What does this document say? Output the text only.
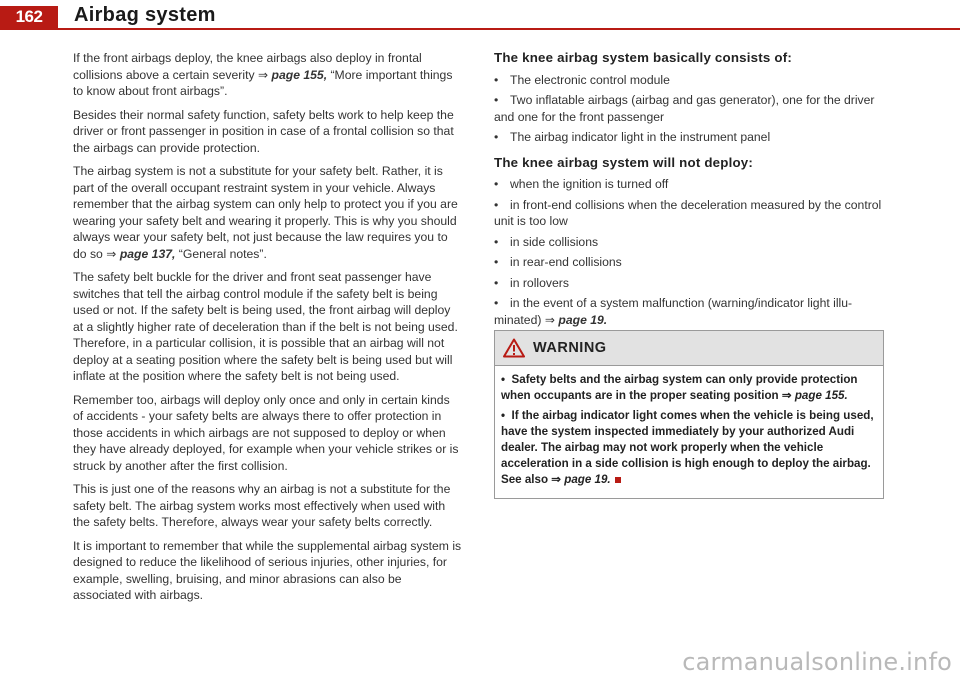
162	Airbag system

If the front airbags deploy, the knee airbags also deploy in frontal collisions above a certain severity ⇒ page 155, “More important things to know about front airbags”.

Besides their normal safety function, safety belts work to help keep the driver or front passenger in position in case of a frontal collision so that the airbags can provide protection.

The airbag system is not a substitute for your safety belt. Rather, it is part of the overall occupant restraint system in your vehicle. Always remember that the airbag system can only help to protect you if you are wearing your safety belt and wearing it properly. This is why you should always wear your safety belt, not just because the law requires you to do so ⇒ page 137, “General notes”.

The safety belt buckle for the driver and front seat passenger have switches that tell the airbag control module if the safety belt is being used or not. If the safety belt is being used, the front airbag will deploy at a slightly higher rate of deceleration than if the belt is not being used. Therefore, in a particular collision, it is possible that an airbag will not deploy at a seating position where the safety belt is being used but will inflate at the position where the safety belt is not being used.

Remember too, airbags will deploy only once and only in certain kinds of accidents - your safety belts are always there to offer protection in those accidents in which airbags are not supposed to deploy or when they have already deployed, for example when your vehicle strikes or is struck by another after the first collision.

This is just one of the reasons why an airbag is not a substitute for the safety belt. The airbag system works most effectively when used with the safety belts. Therefore, always wear your safety belts correctly.

It is important to remember that while the supplemental airbag system is designed to reduce the likelihood of serious injuries, other injuries, for example, swelling, bruising, and minor abrasions can also be associated with airbags.

The knee airbag system basically consists of:
• The electronic control module
• Two inflatable airbags (airbag and gas generator), one for the driver and one for the front passenger
• The airbag indicator light in the instrument panel
The knee airbag system will not deploy:
• when the ignition is turned off
• in front-end collisions when the deceleration measured by the control unit is too low
• in side collisions
• in rear-end collisions
• in rollovers
• in the event of a system malfunction (warning/indicator light illu- minated) ⇒ page 19.
WARNING

•  Safety belts and the airbag system can only provide protection when occupants are in the proper seating position ⇒ page 155.

•  If the airbag indicator light comes when the vehicle is being used, have the system inspected immediately by your authorized Audi dealer. The airbag may not work properly when the vehicle acceleration in a side collision is high enough to deploy the airbag. See also ⇒ page 19.

carmanualsonline.info
